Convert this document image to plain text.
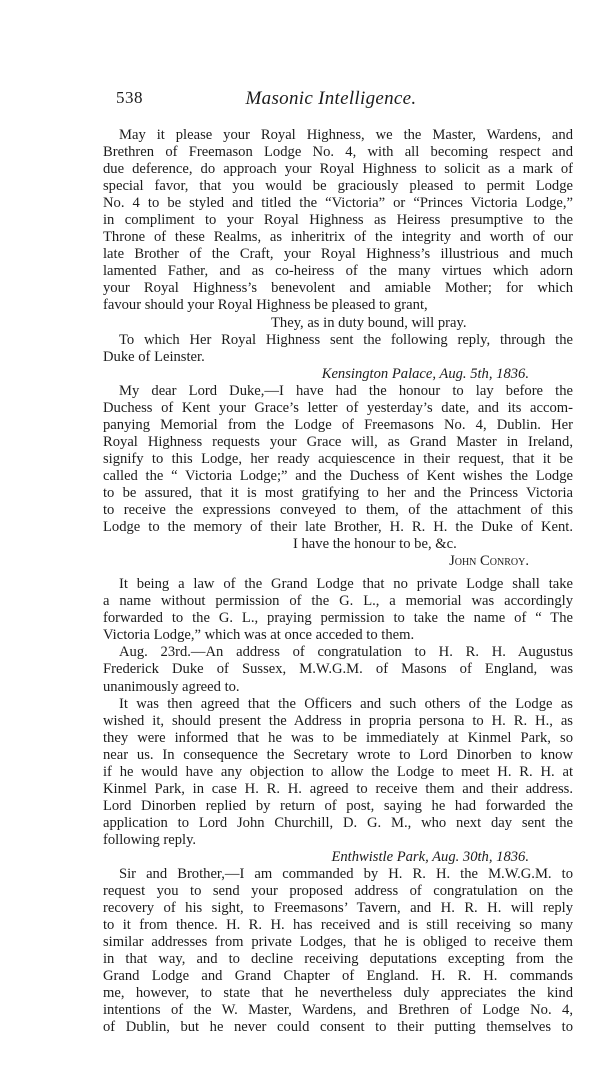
538	Masonic Intelligence.
May it please your Royal Highness, we the Master, Wardens, and
Brethren of Freemason Lodge No. 4, with all becoming respect and
due deference, do approach your Royal Highness to solicit as a mark of
special favor, that you would be graciously pleased to permit Lodge
No. 4 to be styled and titled the “Victoria” or “Princes Victoria Lodge,”
in compliment to your Royal Highness as Heiress presumptive to the
Throne of these Realms, as inheritrix of the integrity and worth of our
late Brother of the Craft, your Royal Highness’s illustrious and much
lamented Father, and as co-heiress of the many virtues which adorn
your Royal Highness’s benevolent and amiable Mother; for which
favour should your Royal Highness be pleased to grant,
They, as in duty bound, will pray.
To which Her Royal Highness sent the following reply, through the
Duke of Leinster.
Kensington Palace, Aug. 5th, 1836.
My dear Lord Duke,—I have had the honour to lay before the
Duchess of Kent your Grace’s letter of yesterday’s date, and its accom-
panying Memorial from the Lodge of Freemasons No. 4, Dublin. Her
Royal Highness requests your Grace will, as Grand Master in Ireland,
signify to this Lodge, her ready acquiescence in their request, that it be
called the “ Victoria Lodge;” and the Duchess of Kent wishes the Lodge
to be assured, that it is most gratifying to her and the Princess Victoria
to receive the expressions conveyed to them, of the attachment of this
Lodge to the memory of their late Brother, H. R. H. the Duke of Kent.
I have the honour to be, &c.
John Conroy.
It being a law of the Grand Lodge that no private Lodge shall take
a name without permission of the G. L., a memorial was accordingly
forwarded to the G. L., praying permission to take the name of “ The
Victoria Lodge,” which was at once acceded to them.
Aug. 23rd.—An address of congratulation to H. R. H. Augustus
Frederick Duke of Sussex, M.W.G.M. of Masons of England, was
unanimously agreed to.
It was then agreed that the Officers and such others of the Lodge as
wished it, should present the Address in propria persona to H. R. H., as
they were informed that he was to be immediately at Kinmel Park, so
near us. In consequence the Secretary wrote to Lord Dinorben to know
if he would have any objection to allow the Lodge to meet H. R. H. at
Kinmel Park, in case H. R. H. agreed to receive them and their address.
Lord Dinorben replied by return of post, saying he had forwarded the
application to Lord John Churchill, D. G. M., who next day sent the
following reply.
Enthwistle Park, Aug. 30th, 1836.
Sir and Brother,—I am commanded by H. R. H. the M.W.G.M. to
request you to send your proposed address of congratulation on the
recovery of his sight, to Freemasons’ Tavern, and H. R. H. will reply
to it from thence. H. R. H. has received and is still receiving so many
similar addresses from private Lodges, that he is obliged to receive them
in that way, and to decline receiving deputations excepting from the
Grand Lodge and Grand Chapter of England. H. R. H. commands
me, however, to state that he nevertheless duly appreciates the kind
intentions of the W. Master, Wardens, and Brethren of Lodge No. 4,
of Dublin, but he never could consent to their putting themselves to
